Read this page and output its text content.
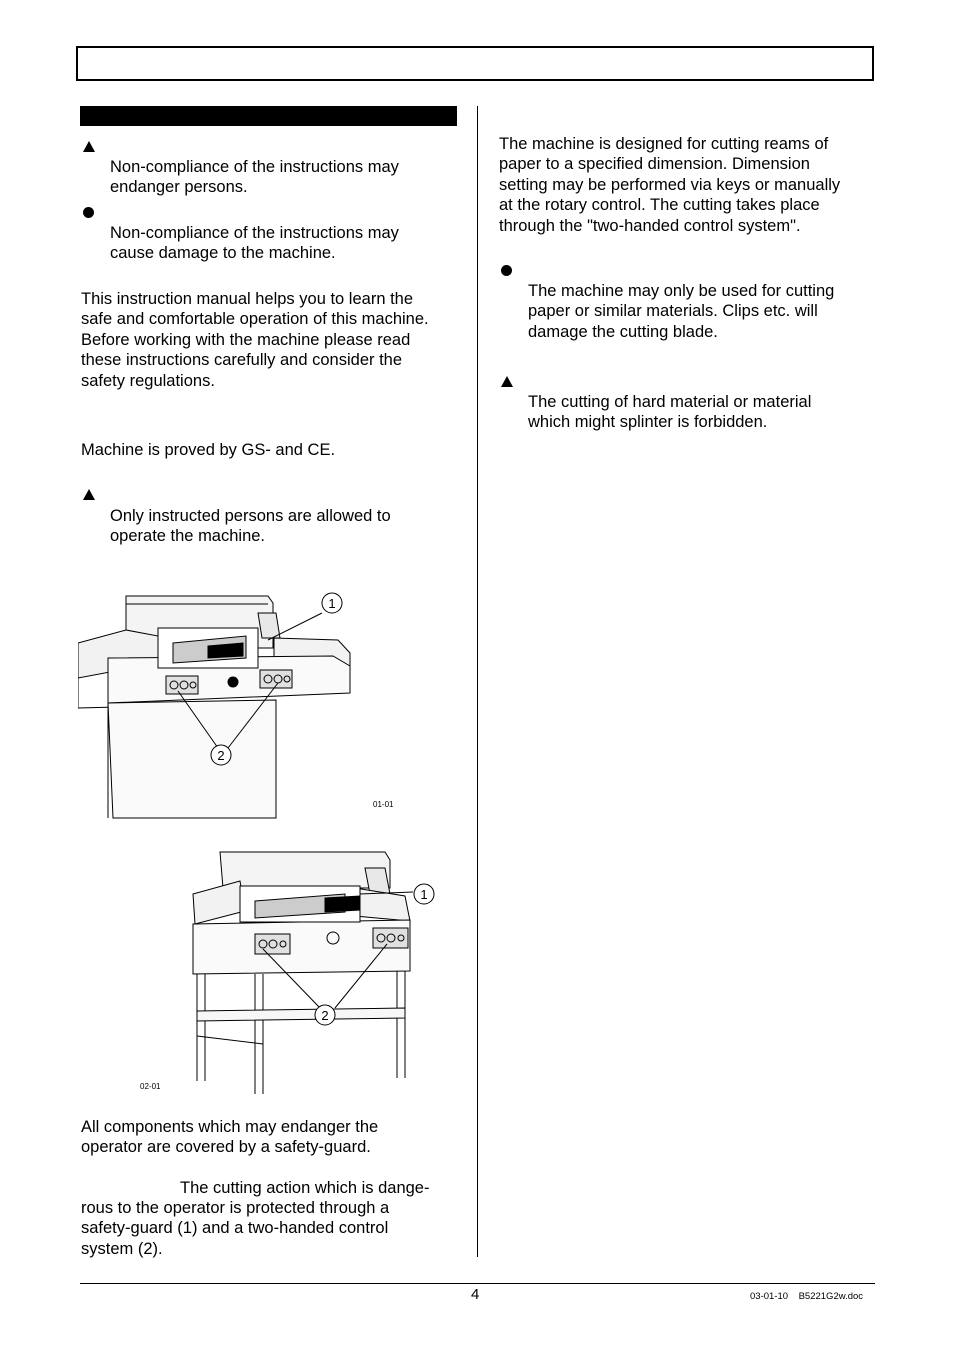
Non-compliance of the instructions may
endanger persons.
Non-compliance of the instructions may
cause damage to the machine.
This instruction manual helps you to learn the
safe and comfortable operation of this machine.
Before working with the machine please read
these instructions carefully and consider the
safety regulations.
Machine is proved by GS- and CE.
Only instructed persons are allowed to
operate the machine.
1
2
01-01
1
2
02-01
All components which may endanger the
operator are covered by a safety-guard.
The cutting action which is dange-
rous to the operator is protected through a
safety-guard (1) and a two-handed control
system (2).
The machine is designed for cutting reams of
paper to a specified dimension. Dimension
setting may be performed via keys or manually
at the rotary control. The cutting takes place
through the "two-handed control system".
The machine may only be used for cutting
paper or similar materials. Clips etc. will
damage the cutting blade.
The cutting of hard material or material
which might splinter is forbidden.
4	03-01-10    B5221G2w.doc
